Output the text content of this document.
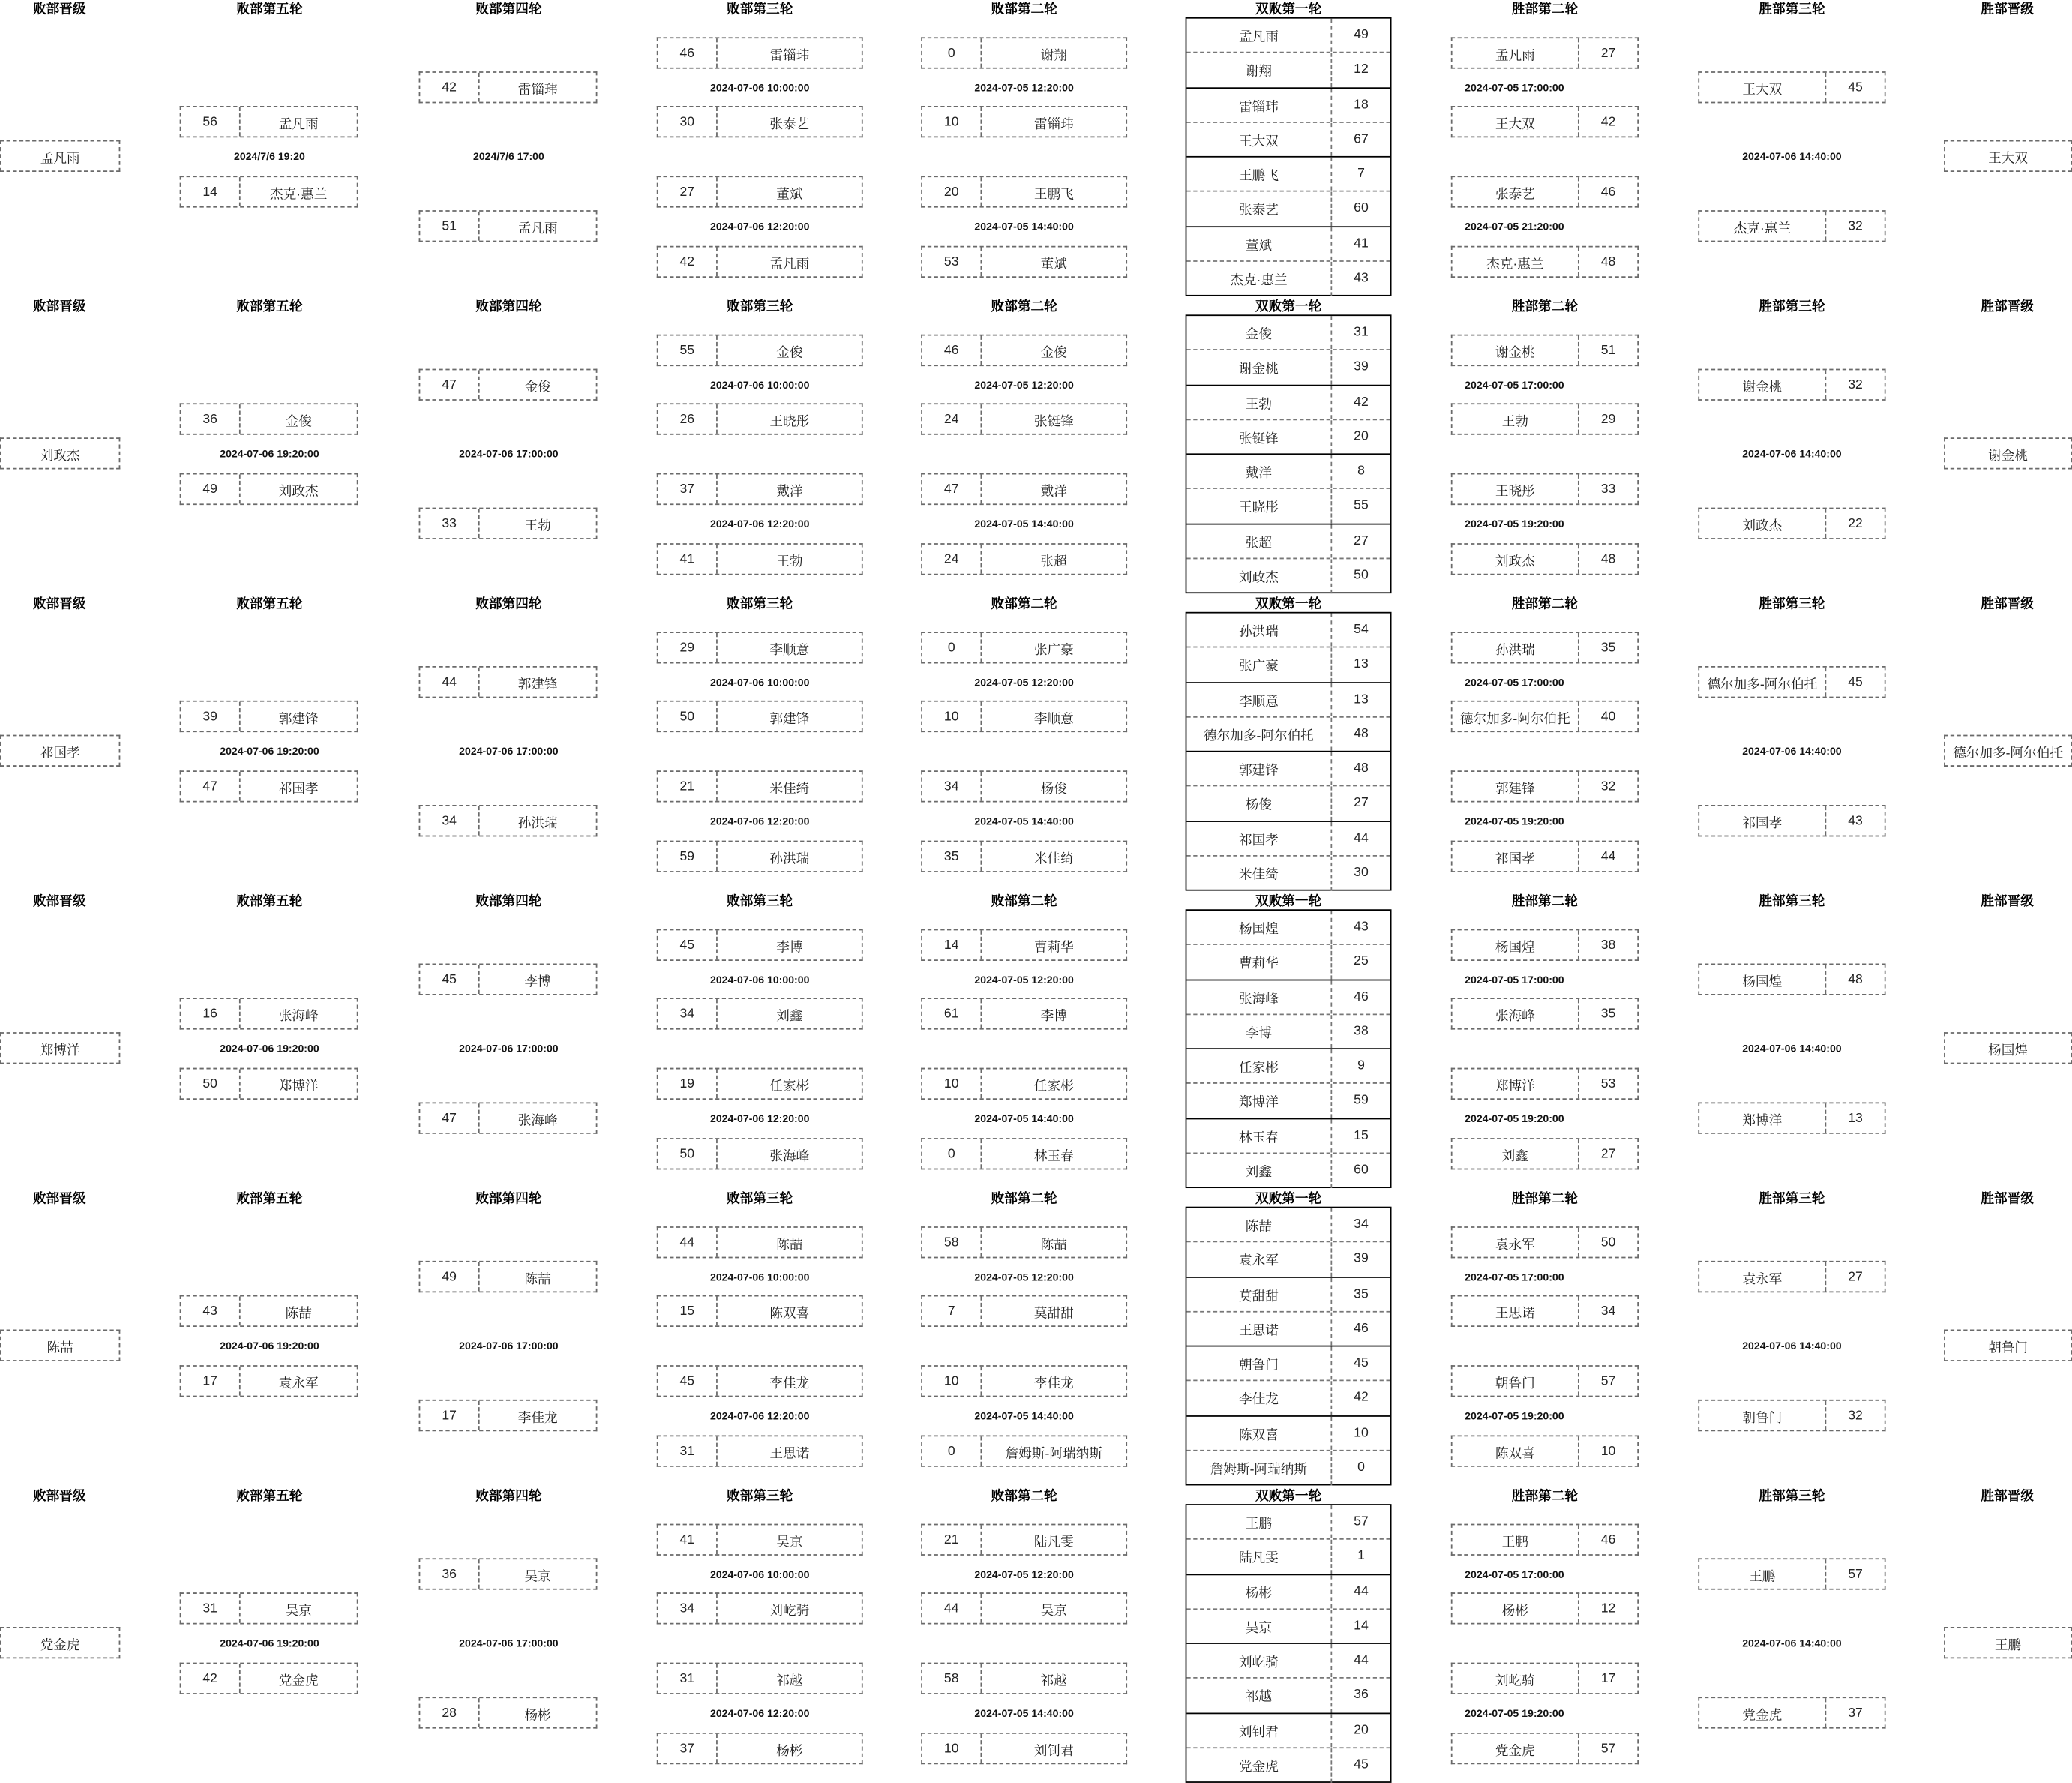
败部晋级	败部第五轮	败部第四轮	败部第三轮	败部第二轮	双败第一轮	胜部第二轮	胜部第三轮	胜部晋级
孟凡雨
56	孟凡雨
2024/7/6 19:20
14	杰克·惠兰
42	雷锱玮
2024/7/6 17:00
51	孟凡雨
46	雷锱玮
2024-07-06 10:00:00
30	张泰艺
27	董斌
2024-07-06 12:20:00
42	孟凡雨
0	谢翔
2024-07-05 12:20:00
10	雷锱玮
20	王鹏飞
2024-07-05 14:40:00
53	董斌
孟凡雨	49
谢翔	12
雷锱玮	18
王大双	67
王鹏飞	7
张泰艺	60
董斌	41
杰克·惠兰	43
孟凡雨	27
2024-07-05 17:00:00
王大双	42
张泰艺	46
2024-07-05 21:20:00
杰克·惠兰	48
王大双	45
2024-07-06 14:40:00
杰克·惠兰	32
王大双
败部晋级	败部第五轮	败部第四轮	败部第三轮	败部第二轮	双败第一轮	胜部第二轮	胜部第三轮	胜部晋级
刘政杰
36	金俊
2024-07-06 19:20:00
49	刘政杰
47	金俊
2024-07-06 17:00:00
33	王勃
55	金俊
2024-07-06 10:00:00
26	王晓彤
37	戴洋
2024-07-06 12:20:00
41	王勃
46	金俊
2024-07-05 12:20:00
24	张铤锋
47	戴洋
2024-07-05 14:40:00
24	张超
金俊	31
谢金桃	39
王勃	42
张铤锋	20
戴洋	8
王晓彤	55
张超	27
刘政杰	50
谢金桃	51
2024-07-05 17:00:00
王勃	29
王晓彤	33
2024-07-05 19:20:00
刘政杰	48
谢金桃	32
2024-07-06 14:40:00
刘政杰	22
谢金桃
败部晋级	败部第五轮	败部第四轮	败部第三轮	败部第二轮	双败第一轮	胜部第二轮	胜部第三轮	胜部晋级
祁国孝
39	郭建锋
2024-07-06 19:20:00
47	祁国孝
44	郭建锋
2024-07-06 17:00:00
34	孙洪瑞
29	李顺意
2024-07-06 10:00:00
50	郭建锋
21	米佳绮
2024-07-06 12:20:00
59	孙洪瑞
0	张广豪
2024-07-05 12:20:00
10	李顺意
34	杨俊
2024-07-05 14:40:00
35	米佳绮
孙洪瑞	54
张广豪	13
李顺意	13
德尔加多-阿尔伯托	48
郭建锋	48
杨俊	27
祁国孝	44
米佳绮	30
孙洪瑞	35
2024-07-05 17:00:00
德尔加多-阿尔伯托	40
郭建锋	32
2024-07-05 19:20:00
祁国孝	44
德尔加多-阿尔伯托	45
2024-07-06 14:40:00
祁国孝	43
德尔加多-阿尔伯托
败部晋级	败部第五轮	败部第四轮	败部第三轮	败部第二轮	双败第一轮	胜部第二轮	胜部第三轮	胜部晋级
郑博洋
16	张海峰
2024-07-06 19:20:00
50	郑博洋
45	李博
2024-07-06 17:00:00
47	张海峰
45	李博
2024-07-06 10:00:00
34	刘鑫
19	任家彬
2024-07-06 12:20:00
50	张海峰
14	曹莉华
2024-07-05 12:20:00
61	李博
10	任家彬
2024-07-05 14:40:00
0	林玉春
杨国煌	43
曹莉华	25
张海峰	46
李博	38
任家彬	9
郑博洋	59
林玉春	15
刘鑫	60
杨国煌	38
2024-07-05 17:00:00
张海峰	35
郑博洋	53
2024-07-05 19:20:00
刘鑫	27
杨国煌	48
2024-07-06 14:40:00
郑博洋	13
杨国煌
败部晋级	败部第五轮	败部第四轮	败部第三轮	败部第二轮	双败第一轮	胜部第二轮	胜部第三轮	胜部晋级
陈喆
43	陈喆
2024-07-06 19:20:00
17	袁永军
49	陈喆
2024-07-06 17:00:00
17	李佳龙
44	陈喆
2024-07-06 10:00:00
15	陈双喜
45	李佳龙
2024-07-06 12:20:00
31	王思诺
58	陈喆
2024-07-05 12:20:00
7	莫甜甜
10	李佳龙
2024-07-05 14:40:00
0	詹姆斯-阿瑞纳斯
陈喆	34
袁永军	39
莫甜甜	35
王思诺	46
朝鲁门	45
李佳龙	42
陈双喜	10
詹姆斯-阿瑞纳斯	0
袁永军	50
2024-07-05 17:00:00
王思诺	34
朝鲁门	57
2024-07-05 19:20:00
陈双喜	10
袁永军	27
2024-07-06 14:40:00
朝鲁门	32
朝鲁门
败部晋级	败部第五轮	败部第四轮	败部第三轮	败部第二轮	双败第一轮	胜部第二轮	胜部第三轮	胜部晋级
党金虎
31	吴京
2024-07-06 19:20:00
42	党金虎
36	吴京
2024-07-06 17:00:00
28	杨彬
41	吴京
2024-07-06 10:00:00
34	刘屹骑
31	祁越
2024-07-06 12:20:00
37	杨彬
21	陆凡雯
2024-07-05 12:20:00
44	吴京
58	祁越
2024-07-05 14:40:00
10	刘钊君
王鹏	57
陆凡雯	1
杨彬	44
吴京	14
刘屹骑	44
祁越	36
刘钊君	20
党金虎	45
王鹏	46
2024-07-05 17:00:00
杨彬	12
刘屹骑	17
2024-07-05 19:20:00
党金虎	57
王鹏	57
2024-07-06 14:40:00
党金虎	37
王鹏
